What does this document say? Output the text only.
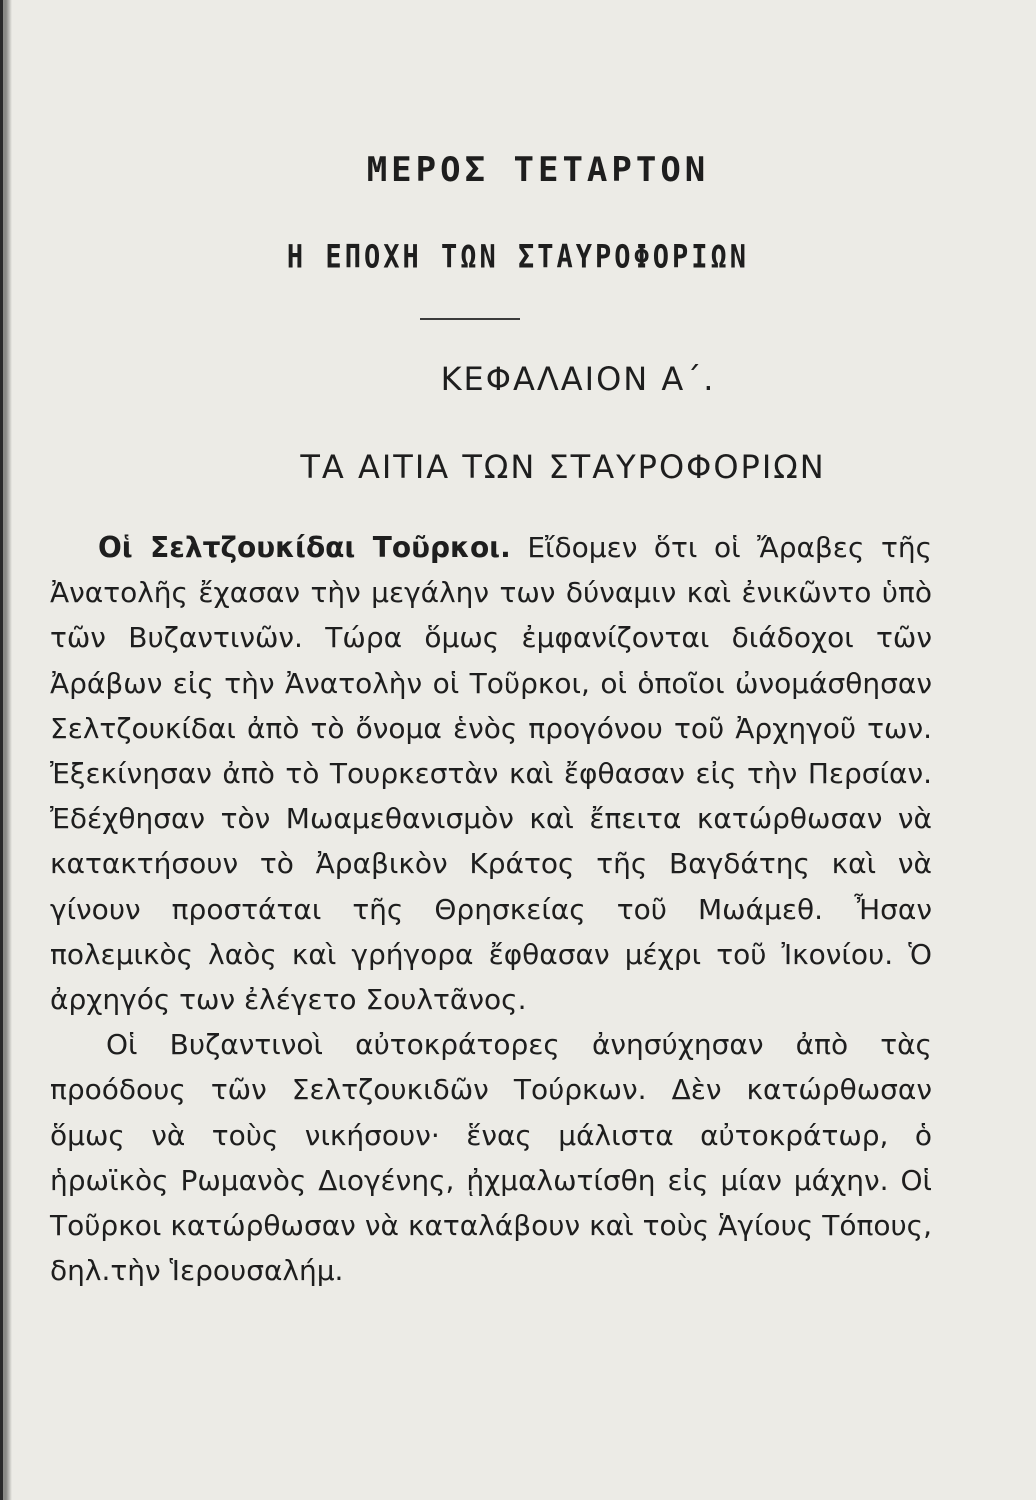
ΜΕΡΟΣ ΤΕΤΑΡΤΟΝ
Η ΕΠΟΧΗ ΤΩΝ ΣΤΑΥΡΟΦΟΡΙΩΝ
ΚΕΦΑΛΑΙΟΝ Α΄.
ΤΑ ΑΙΤΙΑ ΤΩΝ ΣΤΑΥΡΟΦΟΡΙΩΝ

Οἱ Σελτζουκίδαι Τοῦρκοι. Εἴδομεν ὅτι οἱ Ἄραβες τῆς Ἀνατολῆς ἔχασαν τὴν μεγάλην των δύναμιν καὶ ἐνικῶντο ὑπὸ τῶν Βυζαντινῶν. Τώρα ὅμως ἐμφανίζονται διάδοχοι τῶν Ἀράβων εἰς τὴν Ἀνατολὴν οἱ Τοῦρκοι, οἱ ὁποῖοι ὠνομάσθησαν Σελτζουκίδαι ἀπὸ τὸ ὄνομα ἑνὸς προγόνου τοῦ Ἀρχηγοῦ των. Ἐξεκίνησαν ἀπὸ τὸ Τουρκεστὰν καὶ ἔφθασαν εἰς τὴν Περσίαν. Ἐδέχθησαν τὸν Μωαμεθανισμὸν καὶ ἔπειτα κατώρθωσαν νὰ κατακτήσουν τὸ Ἀραβικὸν Κράτος τῆς Βαγδάτης καὶ νὰ γίνουν προστάται τῆς Θρησκείας τοῦ Μωάμεθ. Ἦσαν πολεμικὸς λαὸς καὶ γρήγορα ἔφθασαν μέχρι τοῦ Ἰκονίου. Ὁ ἀρχηγός των ἐλέγετο Σουλτᾶνος.

Οἱ Βυζαντινοὶ αὐτοκράτορες ἀνησύχησαν ἀπὸ τὰς προόδους τῶν Σελτζουκιδῶν Τούρκων. Δὲν κατώρθωσαν ὅμως νὰ τοὺς νικήσουν· ἕνας μάλιστα αὐτοκράτωρ, ὁ ἡρωϊκὸς Ρωμανὸς Διογένης, ᾐχμαλωτίσθη εἰς μίαν μάχην. Οἱ Τοῦρκοι κατώρθωσαν νὰ καταλάβουν καὶ τοὺς Ἁγίους Τόπους, δηλ.τὴν Ἱερουσαλήμ.
